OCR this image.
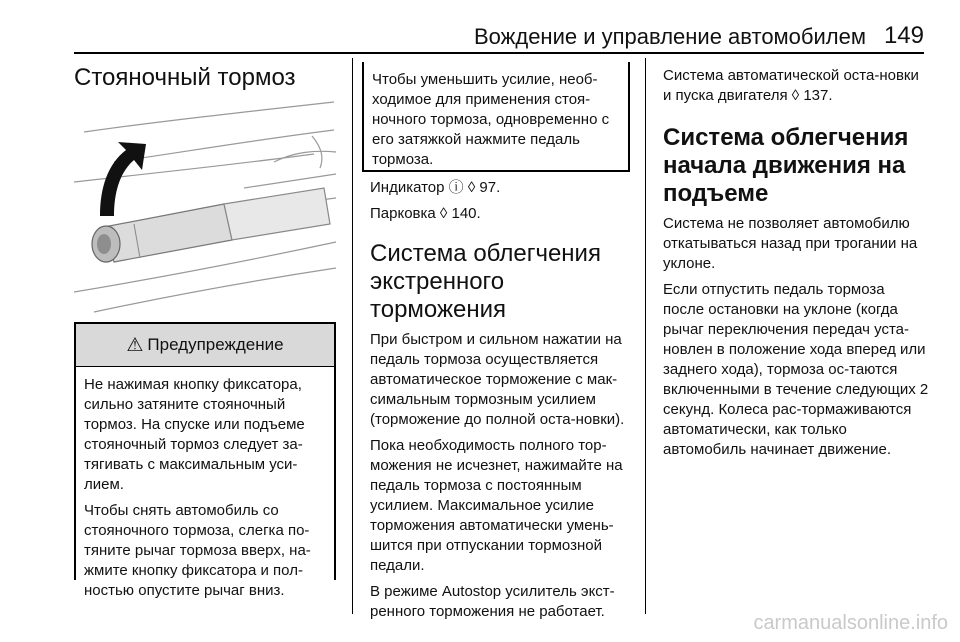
Вождение и управление автомобилем 149
Стояночный тормоз
⚠ Предупреждение

Не нажимая кнопку фиксатора, сильно затяните стояночный тормоз. На спуске или подъеме стояночный тормоз следует за-тягивать с максимальным уси-лием.

Чтобы снять автомобиль со стояночного тормоза, слегка по-тяните рычаг тормоза вверх, на-жмите кнопку фиксатора и пол-ностью опустите рычаг вниз.

Чтобы уменьшить усилие, необ-ходимое для применения стоя-ночного тормоза, одновременно с его затяжкой нажмите педаль тормоза.

Индикатор ⓘ ◊ 97.

Парковка ◊ 140.

Система облегчения экстренного торможения

При быстром и сильном нажатии на педаль тормоза осуществляется автоматическое торможение с мак-симальным тормозным усилием (торможение до полной оста-новки).

Пока необходимость полного тор-можения не исчезнет, нажимайте на педаль тормоза с постоянным усилием. Максимальное усилие торможения автоматически умень-шится при отпускании тормозной педали.

В режиме Autostop усилитель экст-ренного торможения не работает.

Система автоматической оста-новки и пуска двигателя ◊ 137.

Система облегчения начала движения на подъеме

Система не позволяет автомобилю откатываться назад при трогании на уклоне.

Если отпустить педаль тормоза после остановки на уклоне (когда рычаг переключения передач уста-новлен в положение хода вперед или заднего хода), тормоза ос-таются включенными в течение следующих 2 секунд. Колеса рас-тормаживаются автоматически, как только автомобиль начинает движение.

carmanualsonline.info
